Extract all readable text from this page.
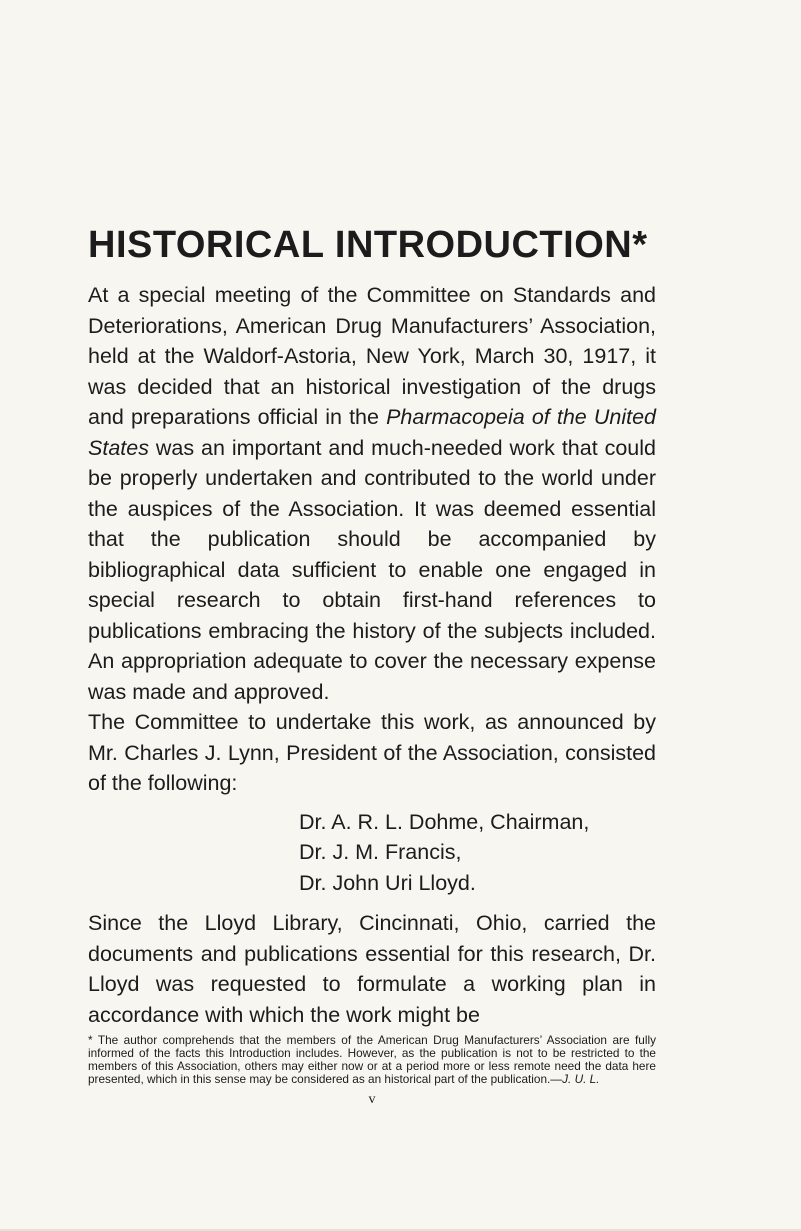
HISTORICAL INTRODUCTION*

At a special meeting of the Committee on Standards and Deteriorations, American Drug Manufacturers’ Association, held at the Waldorf-Astoria, New York, March 30, 1917, it was decided that an historical investigation of the drugs and preparations official in the Pharmacopeia of the United States was an important and much-needed work that could be properly undertaken and contributed to the world under the auspices of the Association. It was deemed essential that the publication should be accompanied by bibliographical data sufficient to enable one engaged in special research to obtain first-hand references to publications embracing the history of the subjects included. An appropriation adequate to cover the necessary expense was made and approved.

The Committee to undertake this work, as announced by Mr. Charles J. Lynn, President of the Association, consisted of the following:

Dr. A. R. L. Dohme, Chairman,
Dr. J. M. Francis,
Dr. John Uri Lloyd.

Since the Lloyd Library, Cincinnati, Ohio, carried the documents and publications essential for this research, Dr. Lloyd was requested to formulate a working plan in accordance with which the work might be

* The author comprehends that the members of the American Drug Manufacturers’ Association are fully informed of the facts this Introduction includes. However, as the publication is not to be restricted to the members of this Association, others may either now or at a period more or less remote need the data here presented, which in this sense may be considered as an historical part of the publication.—J. U. L.

v
